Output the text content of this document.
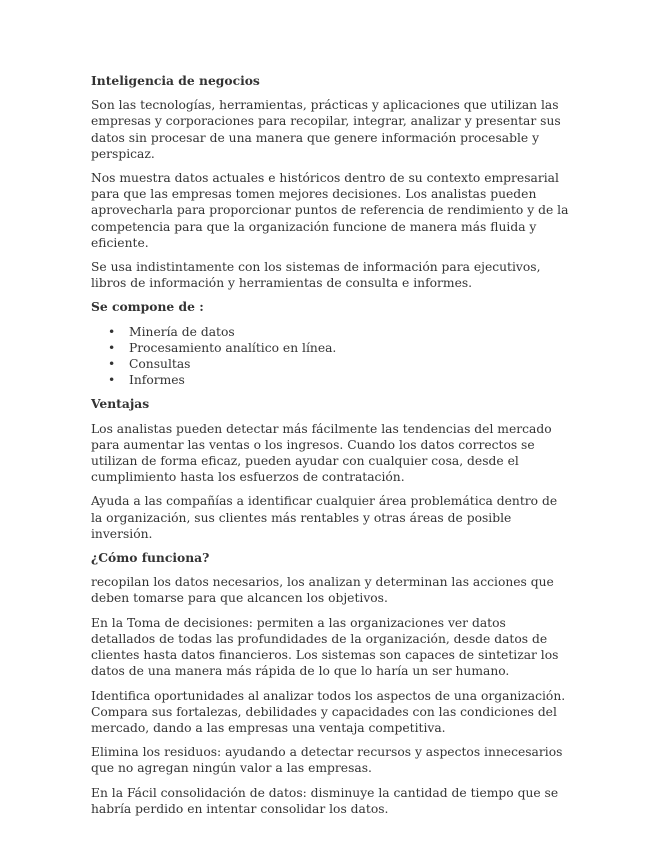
Inteligencia de negocios

Son las tecnologías, herramientas, prácticas y aplicaciones que utilizan las empresas y corporaciones para recopilar, integrar, analizar y presentar sus datos sin procesar de una manera que genere información procesable y perspicaz.

Nos muestra datos actuales e históricos dentro de su contexto empresarial para que las empresas tomen mejores decisiones. Los analistas pueden aprovecharla para proporcionar puntos de referencia de rendimiento y de la competencia para que la organización funcione de manera más fluida y eficiente.

Se usa indistintamente con los sistemas de información para ejecutivos, libros de información y herramientas de consulta e informes.

Se compone de :
• Minería de datos
• Procesamiento analítico en línea.
• Consultas
• Informes
Ventajas

Los analistas pueden detectar más fácilmente las tendencias del mercado para aumentar las ventas o los ingresos. Cuando los datos correctos se utilizan de forma eficaz, pueden ayudar con cualquier cosa, desde el cumplimiento hasta los esfuerzos de contratación.

Ayuda a las compañías a identificar cualquier área problemática dentro de la organización, sus clientes más rentables y otras áreas de posible inversión.

¿Cómo funciona?

recopilan los datos necesarios, los analizan y determinan las acciones que deben tomarse para que alcancen los objetivos.

En la Toma de decisiones: permiten a las organizaciones ver datos detallados de todas las profundidades de la organización, desde datos de clientes hasta datos financieros. Los sistemas son capaces de sintetizar los datos de una manera más rápida de lo que lo haría un ser humano.

Identifica oportunidades al analizar todos los aspectos de una organización. Compara sus fortalezas, debilidades y capacidades con las condiciones del mercado, dando a las empresas una ventaja competitiva.

Elimina los residuos: ayudando a detectar recursos y aspectos innecesarios que no agregan ningún valor a las empresas.

En la Fácil consolidación de datos: disminuye la cantidad de tiempo que se habría perdido en intentar consolidar los datos.
